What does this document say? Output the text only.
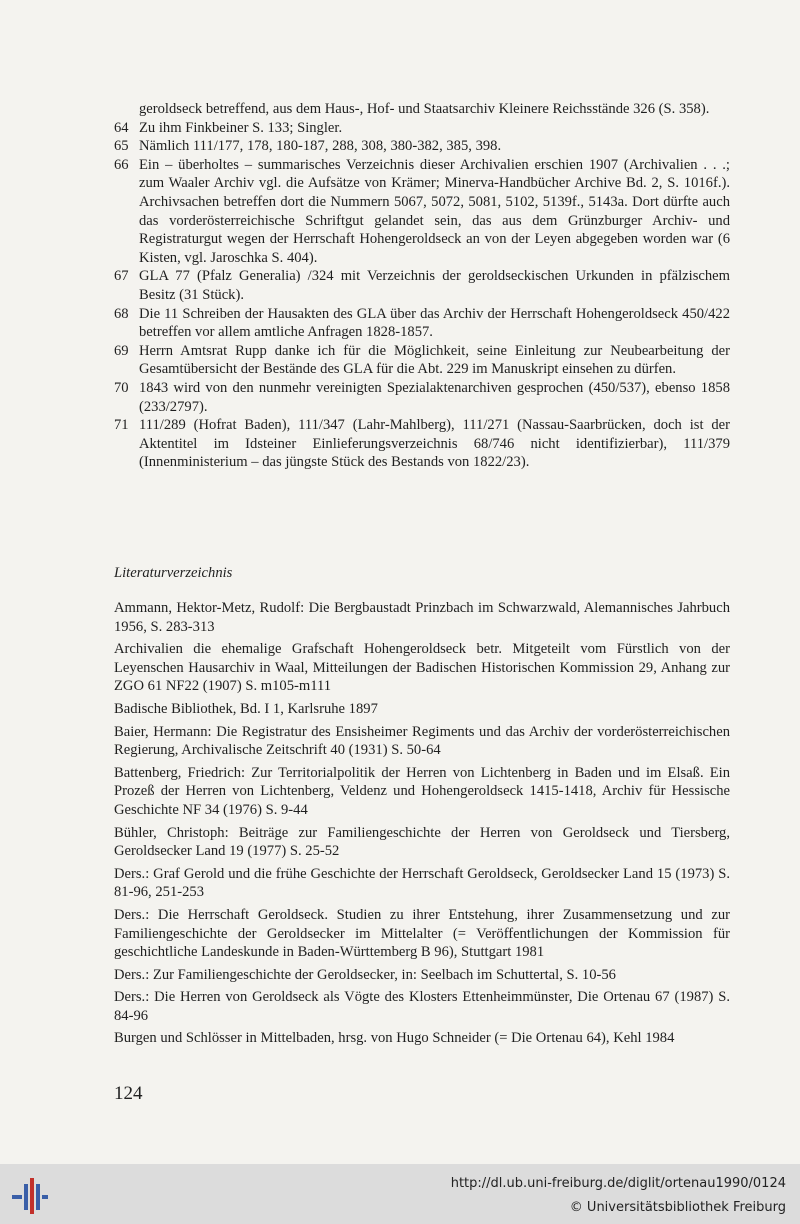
geroldseck betreffend, aus dem Haus-, Hof- und Staatsarchiv Kleinere Reichsstände 326 (S. 358).
64 Zu ihm Finkbeiner S. 133; Singler.
65 Nämlich 111/177, 178, 180-187, 288, 308, 380-382, 385, 398.
66 Ein – überholtes – summarisches Verzeichnis dieser Archivalien erschien 1907 (Archivalien . . .; zum Waaler Archiv vgl. die Aufsätze von Krämer; Minerva-Handbücher Archive Bd. 2, S. 1016f.). Archivsachen betreffen dort die Nummern 5067, 5072, 5081, 5102, 5139f., 5143a. Dort dürfte auch das vorderösterreichische Schriftgut gelandet sein, das aus dem Grünzburger Archiv- und Registraturgut wegen der Herrschaft Hohengeroldseck an von der Leyen abgegeben worden war (6 Kisten, vgl. Jaroschka S. 404).
67 GLA 77 (Pfalz Generalia) /324 mit Verzeichnis der geroldseckischen Urkunden in pfälzischem Besitz (31 Stück).
68 Die 11 Schreiben der Hausakten des GLA über das Archiv der Herrschaft Hohengeroldseck 450/422 betreffen vor allem amtliche Anfragen 1828-1857.
69 Herrn Amtsrat Rupp danke ich für die Möglichkeit, seine Einleitung zur Neubearbeitung der Gesamtübersicht der Bestände des GLA für die Abt. 229 im Manuskript einsehen zu dürfen.
70 1843 wird von den nunmehr vereinigten Spezialaktenarchiven gesprochen (450/537), ebenso 1858 (233/2797).
71 111/289 (Hofrat Baden), 111/347 (Lahr-Mahlberg), 111/271 (Nassau-Saarbrücken, doch ist der Aktentitel im Idsteiner Einlieferungsverzeichnis 68/746 nicht identifizierbar), 111/379 (Innenministerium – das jüngste Stück des Bestands von 1822/23).
Literaturverzeichnis
Ammann, Hektor-Metz, Rudolf: Die Bergbaustadt Prinzbach im Schwarzwald, Alemannisches Jahrbuch 1956, S. 283-313
Archivalien die ehemalige Grafschaft Hohengeroldseck betr. Mitgeteilt vom Fürstlich von der Leyenschen Hausarchiv in Waal, Mitteilungen der Badischen Historischen Kommission 29, Anhang zur ZGO 61 NF22 (1907) S. m105-m111
Badische Bibliothek, Bd. I 1, Karlsruhe 1897
Baier, Hermann: Die Registratur des Ensisheimer Regiments und das Archiv der vorderösterreichischen Regierung, Archivalische Zeitschrift 40 (1931) S. 50-64
Battenberg, Friedrich: Zur Territorialpolitik der Herren von Lichtenberg in Baden und im Elsaß. Ein Prozeß der Herren von Lichtenberg, Veldenz und Hohengeroldseck 1415-1418, Archiv für Hessische Geschichte NF 34 (1976) S. 9-44
Bühler, Christoph: Beiträge zur Familiengeschichte der Herren von Geroldseck und Tiersberg, Geroldsecker Land 19 (1977) S. 25-52
Ders.: Graf Gerold und die frühe Geschichte der Herrschaft Geroldseck, Geroldsecker Land 15 (1973) S. 81-96, 251-253
Ders.: Die Herrschaft Geroldseck. Studien zu ihrer Entstehung, ihrer Zusammensetzung und zur Familiengeschichte der Geroldsecker im Mittelalter (= Veröffentlichungen der Kommission für geschichtliche Landeskunde in Baden-Württemberg B 96), Stuttgart 1981
Ders.: Zur Familiengeschichte der Geroldsecker, in: Seelbach im Schuttertal, S. 10-56
Ders.: Die Herren von Geroldseck als Vögte des Klosters Ettenheimmünster, Die Ortenau 67 (1987) S. 84-96
Burgen und Schlösser in Mittelbaden, hrsg. von Hugo Schneider (= Die Ortenau 64), Kehl 1984
124
http://dl.ub.uni-freiburg.de/diglit/ortenau1990/0124
© Universitätsbibliothek Freiburg
